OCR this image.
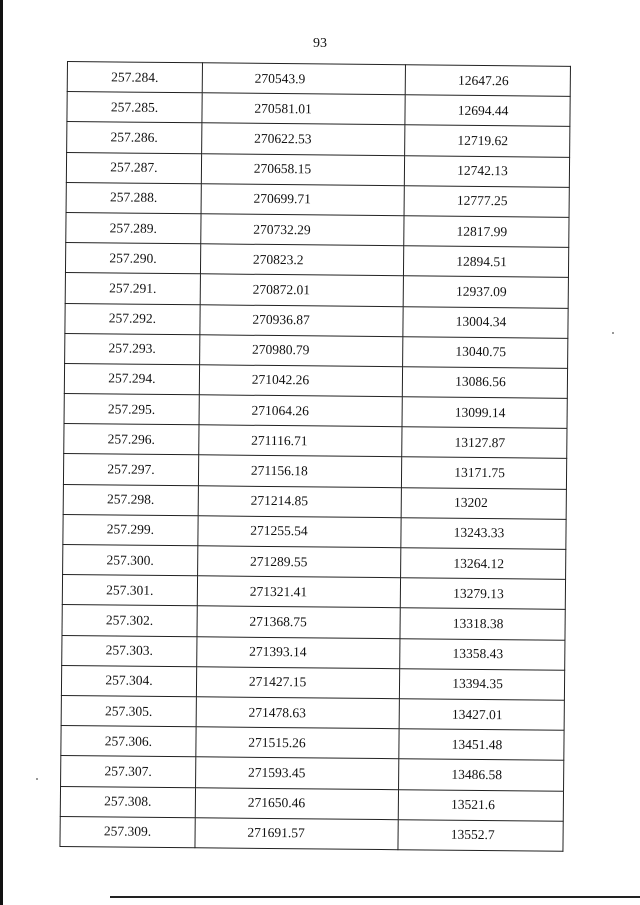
93
257.284.	270543.9	12647.26
257.285.	270581.01	12694.44
257.286.	270622.53	12719.62
257.287.	270658.15	12742.13
257.288.	270699.71	12777.25
257.289.	270732.29	12817.99
257.290.	270823.2	12894.51
257.291.	270872.01	12937.09
257.292.	270936.87	13004.34
257.293.	270980.79	13040.75
257.294.	271042.26	13086.56
257.295.	271064.26	13099.14
257.296.	271116.71	13127.87
257.297.	271156.18	13171.75
257.298.	271214.85	13202
257.299.	271255.54	13243.33
257.300.	271289.55	13264.12
257.301.	271321.41	13279.13
257.302.	271368.75	13318.38
257.303.	271393.14	13358.43
257.304.	271427.15	13394.35
257.305.	271478.63	13427.01
257.306.	271515.26	13451.48
257.307.	271593.45	13486.58
257.308.	271650.46	13521.6
257.309.	271691.57	13552.7
